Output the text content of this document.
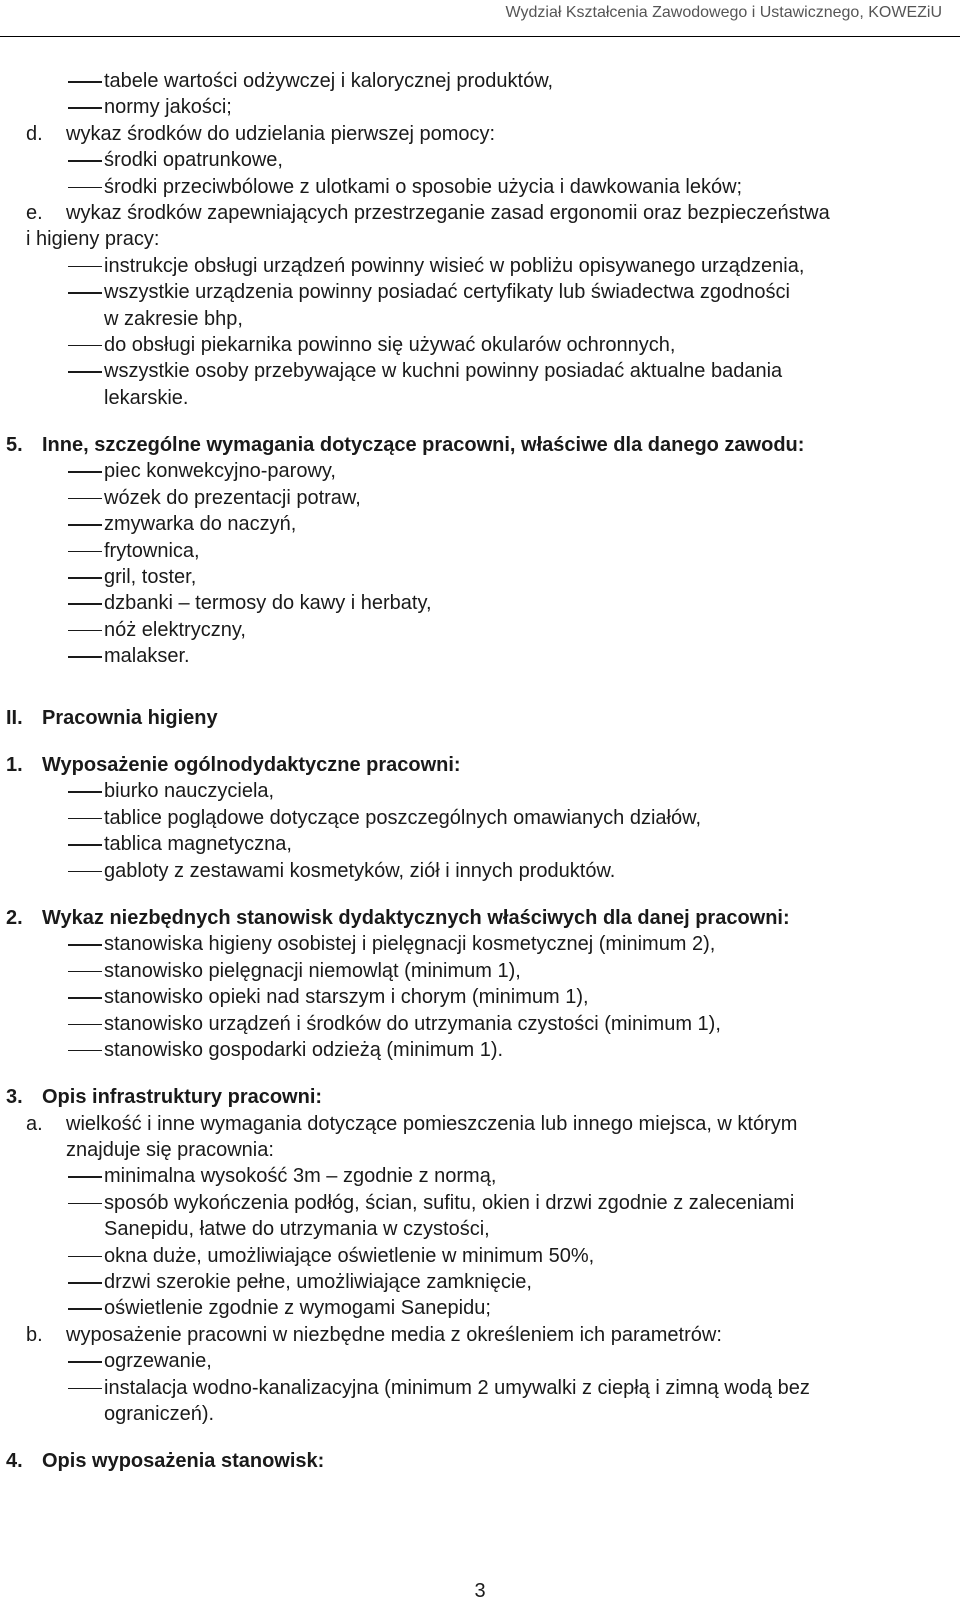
Wydział Kształcenia Zawodowego i Ustawicznego, KOWEZiU
tabele wartości odżywczej i kalorycznej produktów,
normy jakości;
d. wykaz środków do udzielania pierwszej pomocy:
środki opatrunkowe,
środki przeciwbólowe z ulotkami o sposobie użycia i dawkowania leków;
e. wykaz środków zapewniających przestrzeganie zasad ergonomii oraz bezpieczeństwa
i higieny pracy:
instrukcje obsługi urządzeń powinny wisieć w pobliżu opisywanego urządzenia,
wszystkie urządzenia powinny posiadać certyfikaty lub świadectwa zgodności
w zakresie bhp,
do obsługi piekarnika powinno się używać okularów ochronnych,
wszystkie osoby przebywające w kuchni powinny posiadać aktualne badania
lekarskie.
5. Inne, szczególne wymagania dotyczące pracowni, właściwe dla danego zawodu:
piec konwekcyjno-parowy,
wózek do prezentacji potraw,
zmywarka do naczyń,
frytownica,
gril, toster,
dzbanki – termosy do kawy i herbaty,
nóż elektryczny,
malakser.
II. Pracownia higieny
1. Wyposażenie ogólnodydaktyczne pracowni:
biurko nauczyciela,
tablice poglądowe dotyczące poszczególnych omawianych działów,
tablica magnetyczna,
gabloty z zestawami kosmetyków, ziół i innych produktów.
2. Wykaz niezbędnych stanowisk dydaktycznych właściwych dla danej pracowni:
stanowiska higieny osobistej i pielęgnacji kosmetycznej (minimum 2),
stanowisko pielęgnacji niemowląt (minimum 1),
stanowisko opieki nad starszym i chorym (minimum 1),
stanowisko urządzeń i środków do utrzymania czystości (minimum 1),
stanowisko gospodarki odzieżą (minimum 1).
3. Opis infrastruktury pracowni:
a. wielkość i inne wymagania dotyczące pomieszczenia lub innego miejsca, w którym
znajduje się pracownia:
minimalna wysokość 3m – zgodnie z normą,
sposób wykończenia podłóg, ścian, sufitu, okien i drzwi zgodnie z zaleceniami
Sanepidu, łatwe do utrzymania w czystości,
okna duże, umożliwiające oświetlenie w minimum 50%,
drzwi szerokie pełne, umożliwiające zamknięcie,
oświetlenie zgodnie z wymogami Sanepidu;
b. wyposażenie pracowni w niezbędne media z określeniem ich parametrów:
ogrzewanie,
instalacja wodno-kanalizacyjna (minimum 2 umywalki z ciepłą i zimną wodą bez
ograniczeń).
4. Opis wyposażenia stanowisk:
3
